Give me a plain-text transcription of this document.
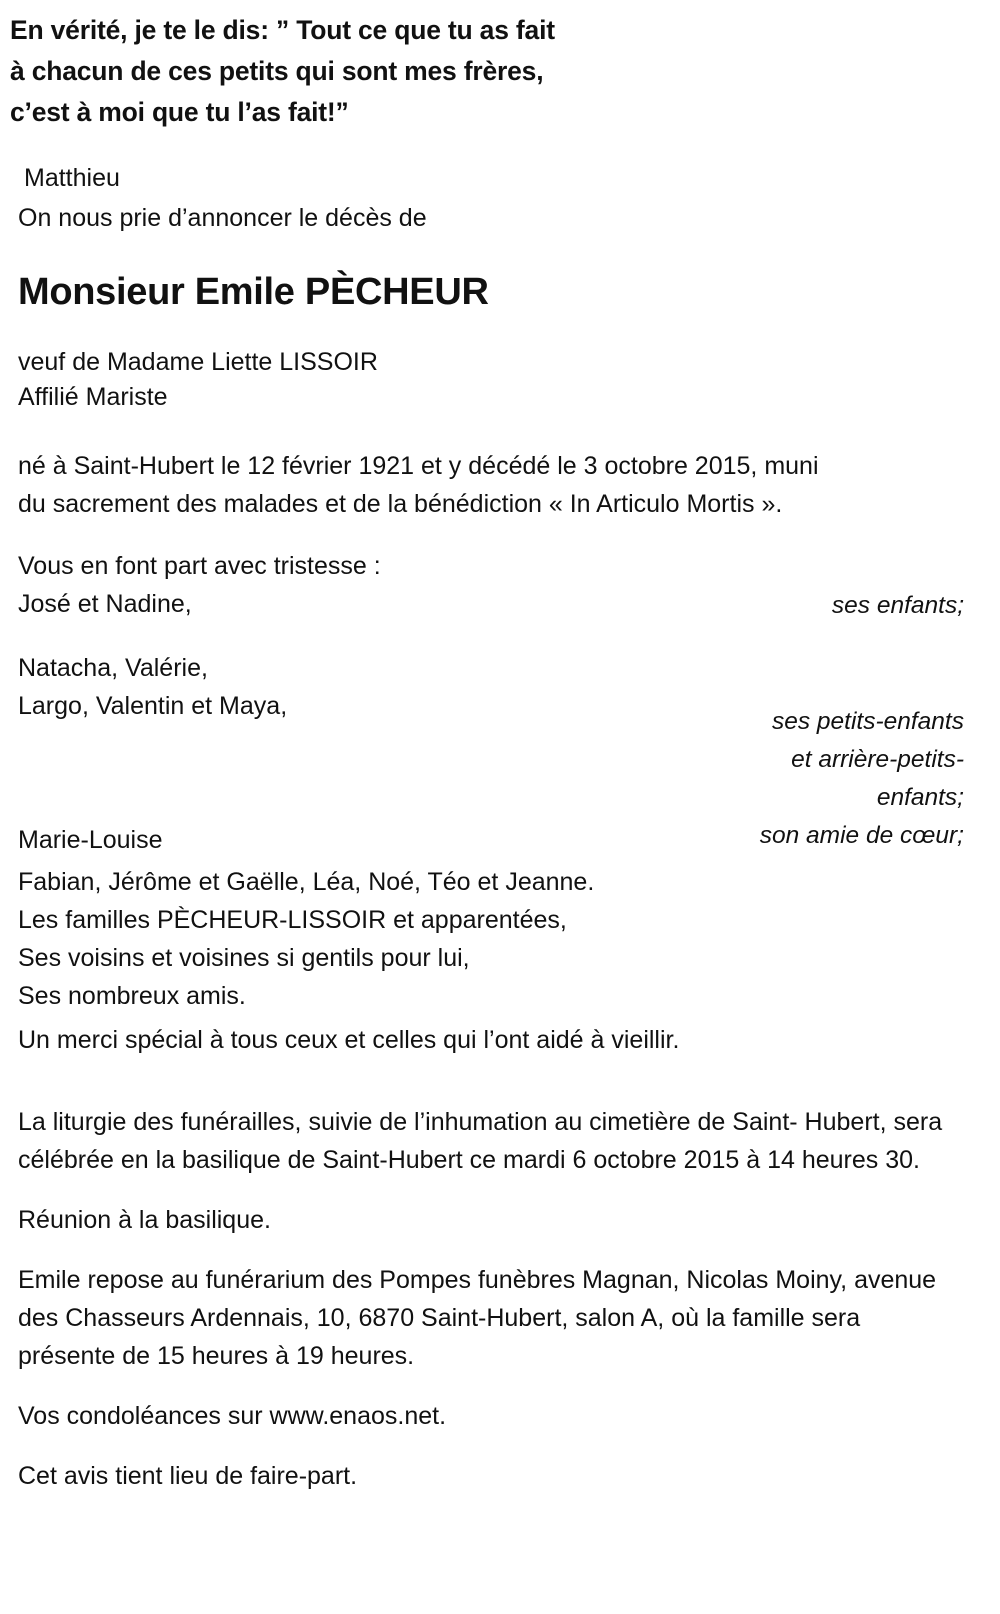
En vérité, je te le dis: ” Tout ce que tu as fait
à chacun de ces petits qui sont mes frères,
c’est à moi que tu l’as fait!”
Matthieu
On nous prie d’annoncer le décès de
Monsieur Emile PÈCHEUR
veuf de Madame Liette LISSOIR
Affilié Mariste
né à Saint-Hubert le 12 février 1921 et y décédé le 3 octobre 2015, muni
du sacrement des malades et de la bénédiction « In Articulo Mortis ».
Vous en font part avec tristesse :
José et Nadine,
Natacha, Valérie,
Largo, Valentin et Maya,
Marie-Louise
ses enfants;
ses petits-enfants
et arrière-petits-
enfants;
son amie de cœur;
Fabian, Jérôme et Gaëlle, Léa, Noé, Téo et Jeanne.
Les familles PÈCHEUR-LISSOIR et apparentées,
Ses voisins et voisines si gentils pour lui,
Ses nombreux amis.
Un merci spécial à tous ceux et celles qui l’ont aidé à vieillir.

La liturgie des funérailles, suivie de l’inhumation au cimetière de Saint- Hubert, sera célébrée en la basilique de Saint-Hubert ce mardi 6 octobre 2015 à 14 heures 30.

Réunion à la basilique.

Emile repose au funérarium des Pompes funèbres Magnan, Nicolas Moiny, avenue des Chasseurs Ardennais, 10, 6870 Saint-Hubert, salon A, où la famille sera présente de 15 heures à 19 heures.

Vos condoléances sur www.enaos.net.

Cet avis tient lieu de faire-part.
